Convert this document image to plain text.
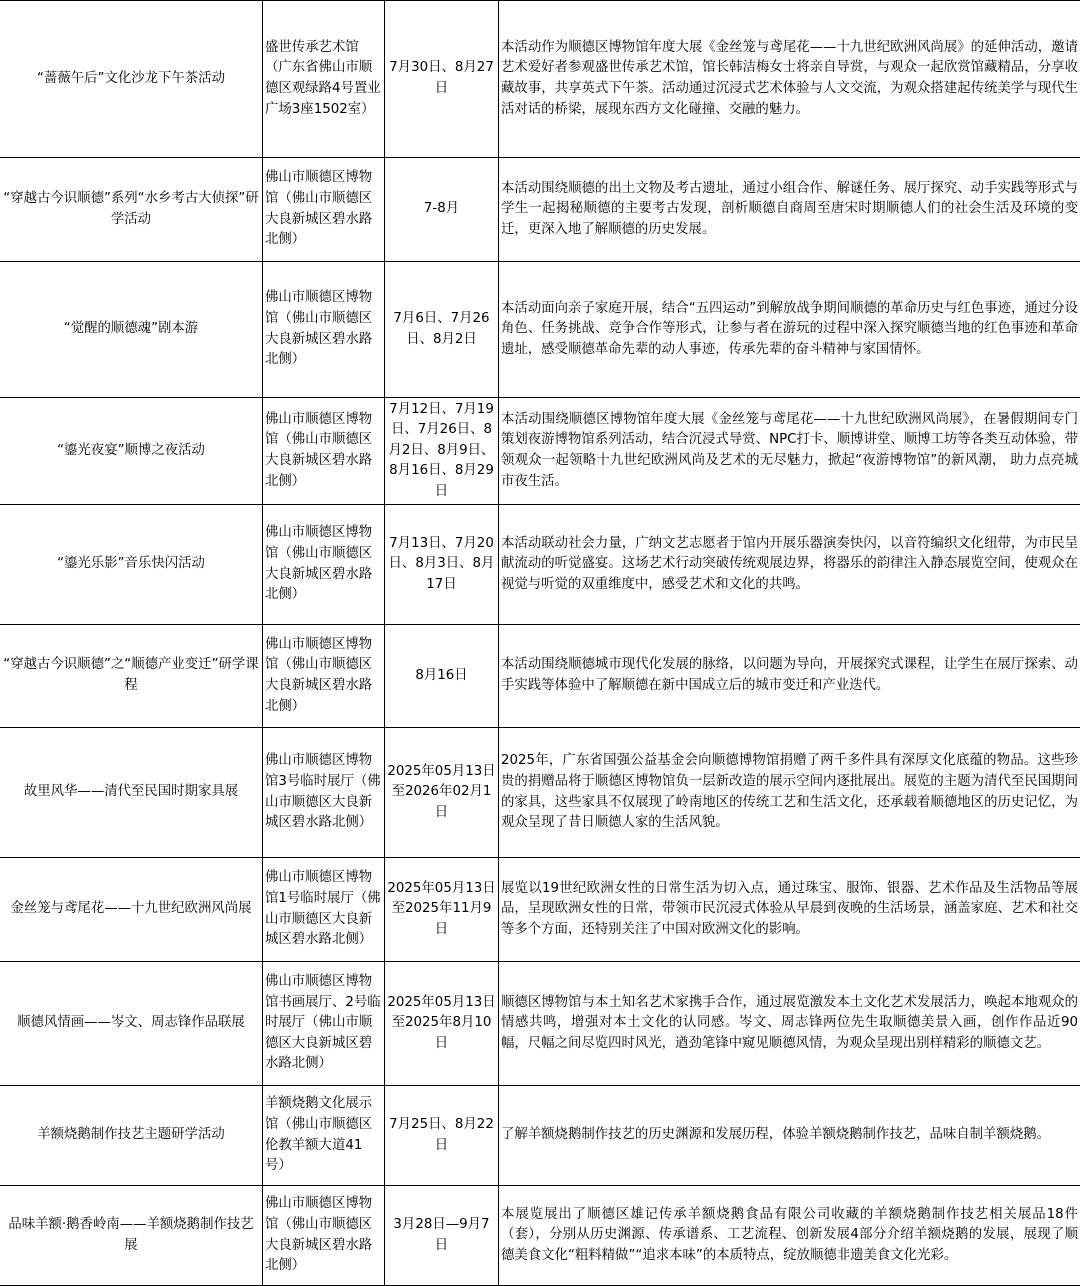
“蔷薇午后”文化沙龙下午茶活动	盛世传承艺术馆（广东省佛山市顺德区观绿路4号置业广场3座1502室）	7月30日、8月27日	本活动作为顺德区博物馆年度大展《金丝笼与鸢尾花——十九世纪欧洲风尚展》的延伸活动，邀请艺术爱好者参观盛世传承艺术馆，馆长韩洁梅女士将亲自导赏，与观众一起欣赏馆藏精品，分享收藏故事，共享英式下午茶。活动通过沉浸式艺术体验与人文交流，为观众搭建起传统美学与现代生活对话的桥梁，展现东西方文化碰撞、交融的魅力。
“穿越古今识顺德”系列“水乡考古大侦探”研学活动	佛山市顺德区博物馆（佛山市顺德区大良新城区碧水路北侧）	7-8月	本活动围绕顺德的出土文物及考古遗址，通过小组合作、解谜任务、展厅探究、动手实践等形式与学生一起揭秘顺德的主要考古发现，剖析顺德自商周至唐宋时期顺德人们的社会生活及环境的变迁，更深入地了解顺德的历史发展。
“觉醒的顺德魂”剧本游	佛山市顺德区博物馆（佛山市顺德区大良新城区碧水路北侧）	7月6日、7月26日、8月2日	本活动面向亲子家庭开展，结合“五四运动”到解放战争期间顺德的革命历史与红色事迹，通过分设角色、任务挑战、竞争合作等形式，让参与者在游玩的过程中深入探究顺德当地的红色事迹和革命遗址，感受顺德革命先辈的动人事迹，传承先辈的奋斗精神与家国情怀。
“鎏光夜宴”顺博之夜活动	佛山市顺德区博物馆（佛山市顺德区大良新城区碧水路北侧）	7月12日、7月19日、7月26日、8月2日、8月9日、8月16日、8月29日	本活动围绕顺德区博物馆年度大展《金丝笼与鸢尾花——十九世纪欧洲风尚展》，在暑假期间专门策划夜游博物馆系列活动，结合沉浸式导赏、NPC打卡、顺博讲堂、顺博工坊等各类互动体验，带领观众一起领略十九世纪欧洲风尚及艺术的无尽魅力，掀起“夜游博物馆”的新风潮， 助力点亮城市夜生活。
“鎏光乐影”音乐快闪活动	佛山市顺德区博物馆（佛山市顺德区大良新城区碧水路北侧）	7月13日、7月20日、8月3日、8月17日	本活动联动社会力量，广纳文艺志愿者于馆内开展乐器演奏快闪，以音符编织文化纽带，为市民呈献流动的听觉盛宴。这场艺术行动突破传统观展边界，将器乐的韵律注入静态展览空间，使观众在视觉与听觉的双重维度中，感受艺术和文化的共鸣。
“穿越古今识顺德”之“顺德产业变迁”研学课程	佛山市顺德区博物馆（佛山市顺德区大良新城区碧水路北侧）	8月16日	本活动围绕顺德城市现代化发展的脉络，以问题为导向，开展探究式课程，让学生在展厅探索、动手实践等体验中了解顺德在新中国成立后的城市变迁和产业迭代。
故里风华——清代至民国时期家具展	佛山市顺德区博物馆3号临时展厅（佛山市顺德区大良新城区碧水路北侧）	2025年05月13日至2026年02月1日	2025年，广东省国强公益基金会向顺德博物馆捐赠了两千多件具有深厚文化底蕴的物品。这些珍贵的捐赠品将于顺德区博物馆负一层新改造的展示空间内逐批展出。展览的主题为清代至民国期间的家具，这些家具不仅展现了岭南地区的传统工艺和生活文化，还承载着顺德地区的历史记忆，为观众呈现了昔日顺德人家的生活风貌。
金丝笼与鸢尾花——十九世纪欧洲风尚展	佛山市顺德区博物馆1号临时展厅（佛山市顺德区大良新城区碧水路北侧）	2025年05月13日至2025年11月9日	展览以19世纪欧洲女性的日常生活为切入点，通过珠宝、服饰、银器、艺术作品及生活物品等展品，呈现欧洲女性的日常，带领市民沉浸式体验从早晨到夜晚的生活场景，涵盖家庭、艺术和社交等多个方面，还特别关注了中国对欧洲文化的影响。
顺德风情画——岑文、周志锋作品联展	佛山市顺德区博物馆书画展厅、2号临时展厅（佛山市顺德区大良新城区碧水路北侧）	2025年05月13日至2025年8月10日	顺德区博物馆与本土知名艺术家携手合作，通过展览激发本土文化艺术发展活力，唤起本地观众的情感共鸣，增强对本土文化的认同感。岑文、周志锋两位先生取顺德美景入画，创作作品近90幅，尺幅之间尽览四时风光，遒劲笔锋中窥见顺德风情，为观众呈现出别样精彩的顺德文艺。
羊额烧鹅制作技艺主题研学活动	羊额烧鹅文化展示馆（佛山市顺德区伦教羊额大道41号）	7月25日、8月22日	了解羊额烧鹅制作技艺的历史渊源和发展历程，体验羊额烧鹅制作技艺，品味自制羊额烧鹅。
品味羊额·鹅香岭南——羊额烧鹅制作技艺展	佛山市顺德区博物馆（佛山市顺德区大良新城区碧水路北侧）	3月28日—9月7日	本展览展出了顺德区雄记传承羊额烧鹅食品有限公司收藏的羊额烧鹅制作技艺相关展品18件（套），分别从历史渊源、传承谱系、工艺流程、创新发展4部分介绍羊额烧鹅的发展，展现了顺德美食文化“粗料精做”“追求本味”的本质特点，绽放顺德非遗美食文化光彩。
